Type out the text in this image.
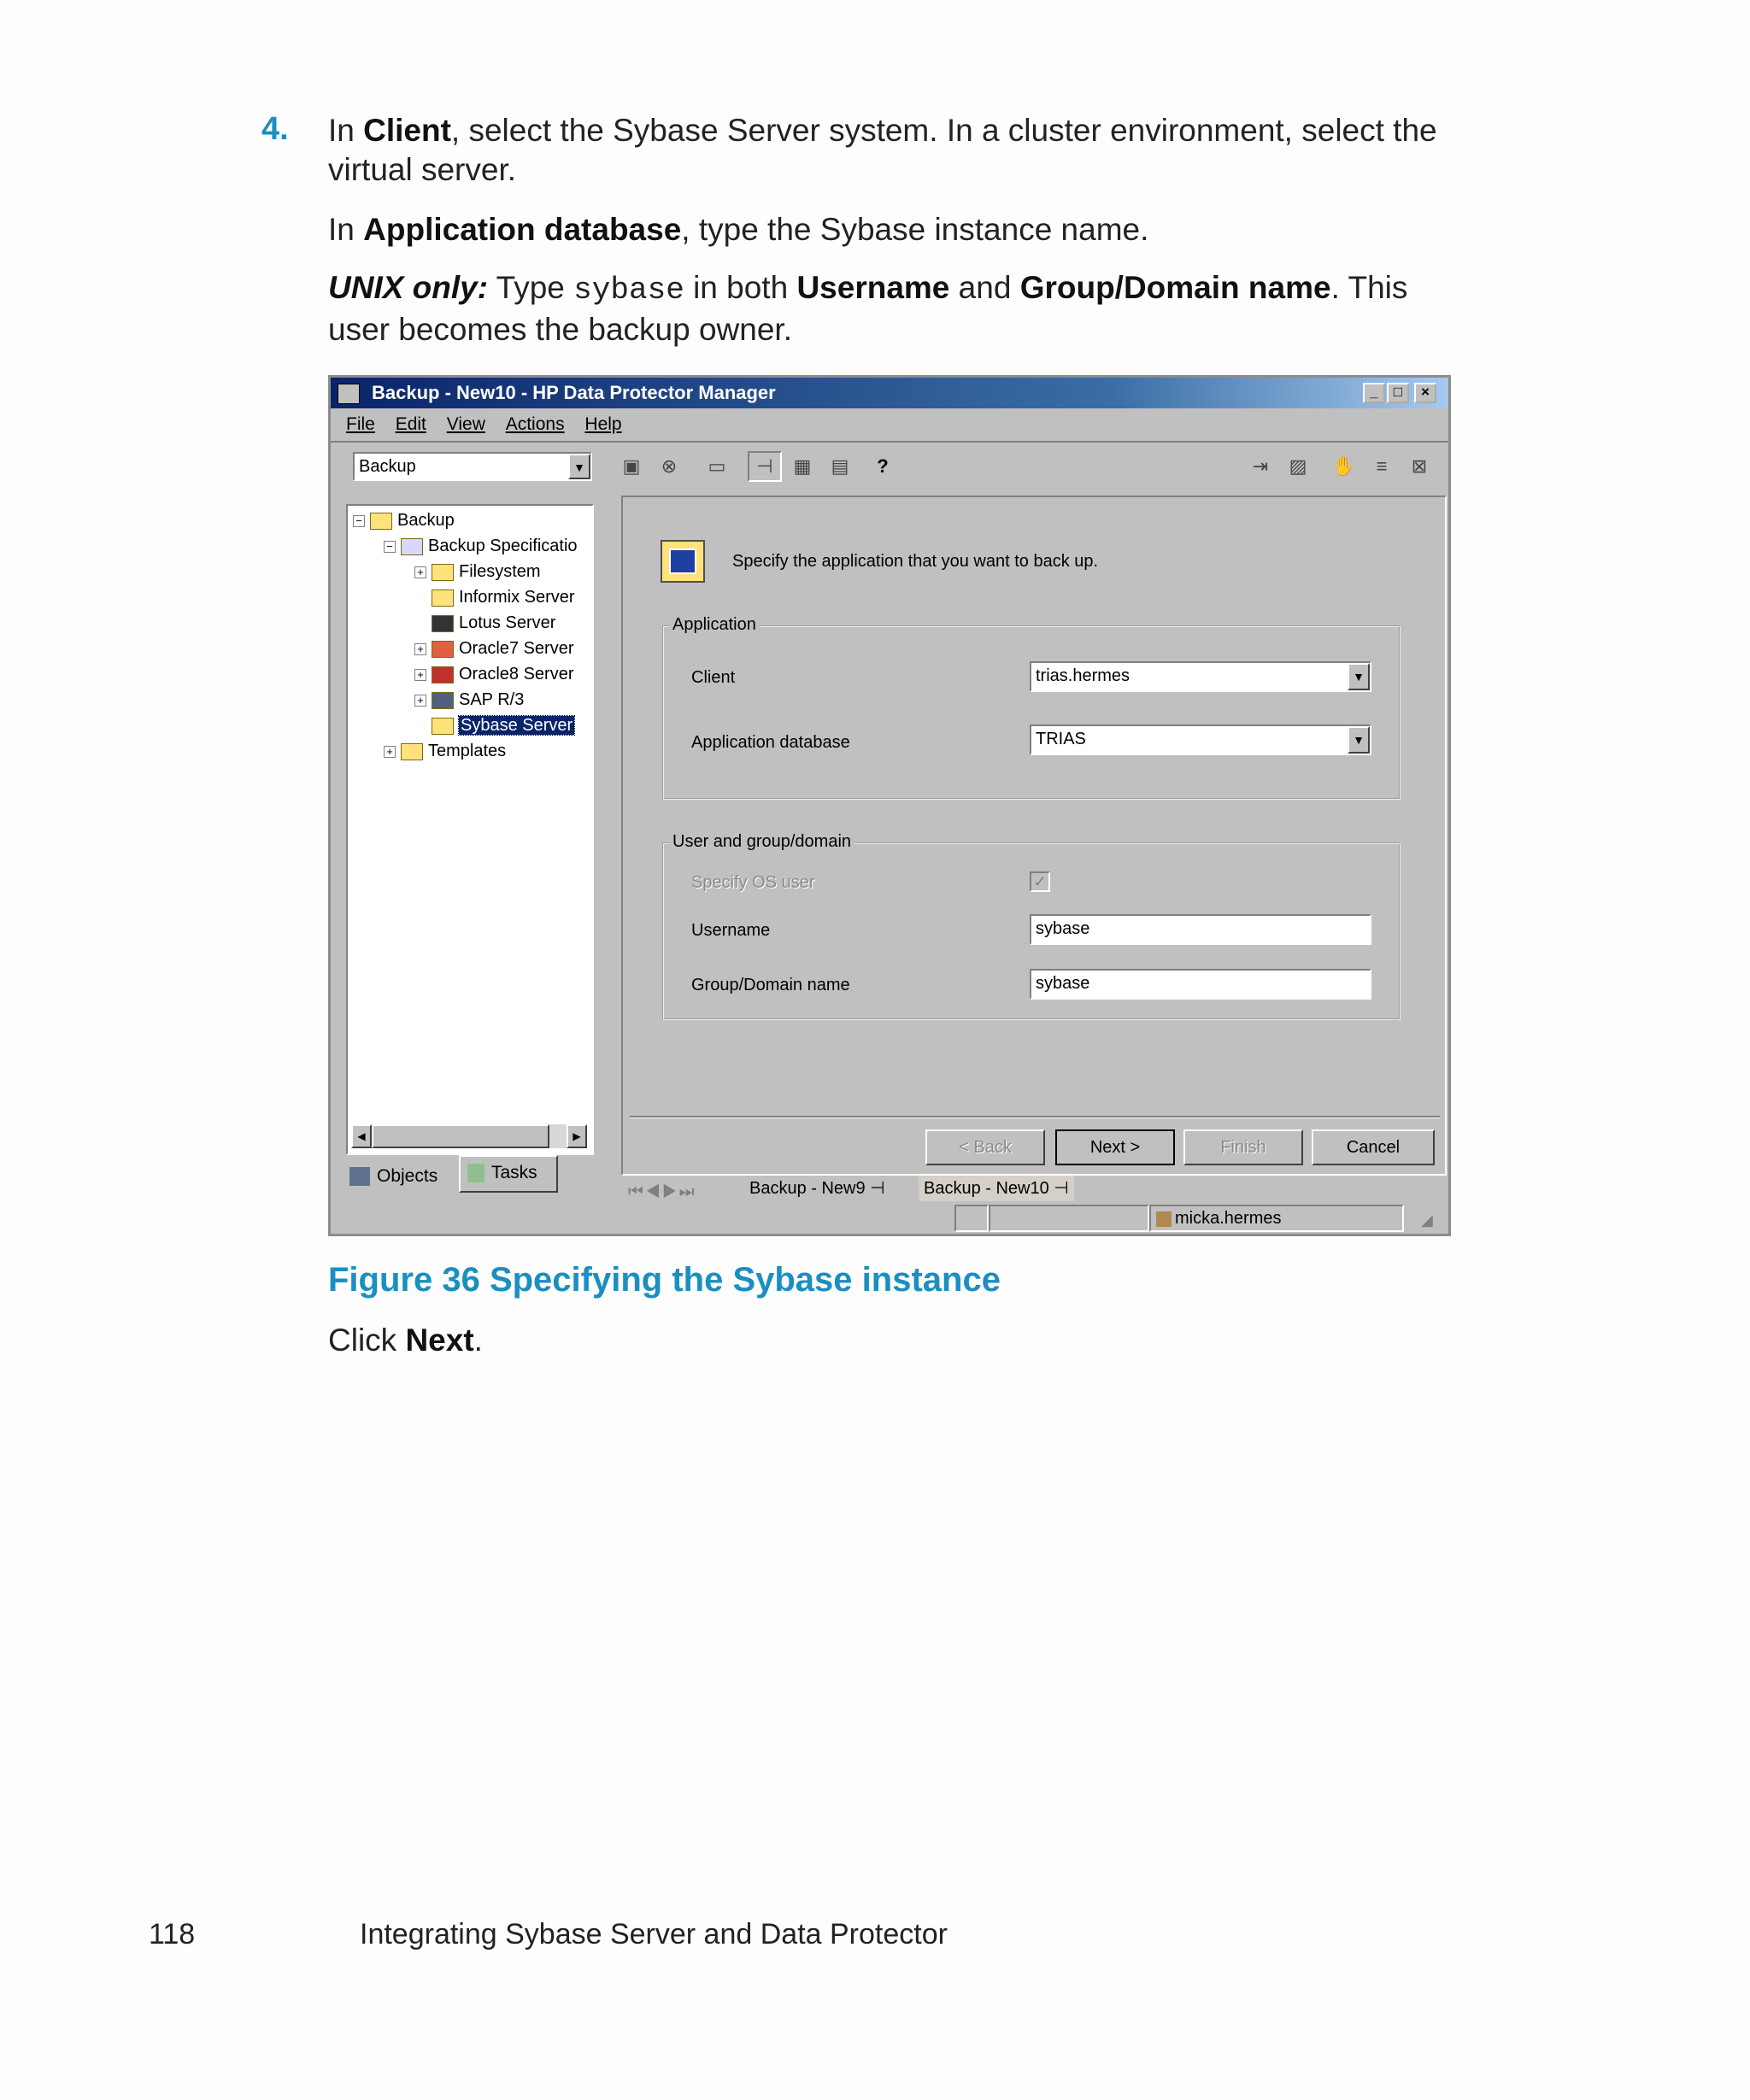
4. In Client, select the Sybase Server system. In a cluster environment, select the
virtual server.
In Application database, type the Sybase instance name.
UNIX only: Type sybase in both Username and Group/Domain name. This
user becomes the backup owner.
Backup - New10 - HP Data Protector Manager	_	□	×
File Edit View Actions Help
Backup	▼ ▣	⊗	▭	⊣	▦ ▤	?	⇥	▨ ✋	≡	⊠
− Backup
− Backup Specificatio
+ Filesystem
Informix Server
Lotus Server
+ Oracle7 Server
+ Oracle8 Server
+ SAP R/3
Sybase Server
+ Templates
◀	▶
Objects	Tasks
Specify the application that you want to back up.
Application
Client	trias.hermes	▼
Application database	TRIAS	▼
User and group/domain
Specify OS user	✓
Username	sybase
Group/Domain name	sybase
< Back	Next >	Finish	Cancel
⏮◀▶⏭	Backup - New9 ⊣	Backup - New10 ⊣
micka.hermes	◢
Figure 36 Specifying the Sybase instance
Click Next.
118	Integrating Sybase Server and Data Protector
